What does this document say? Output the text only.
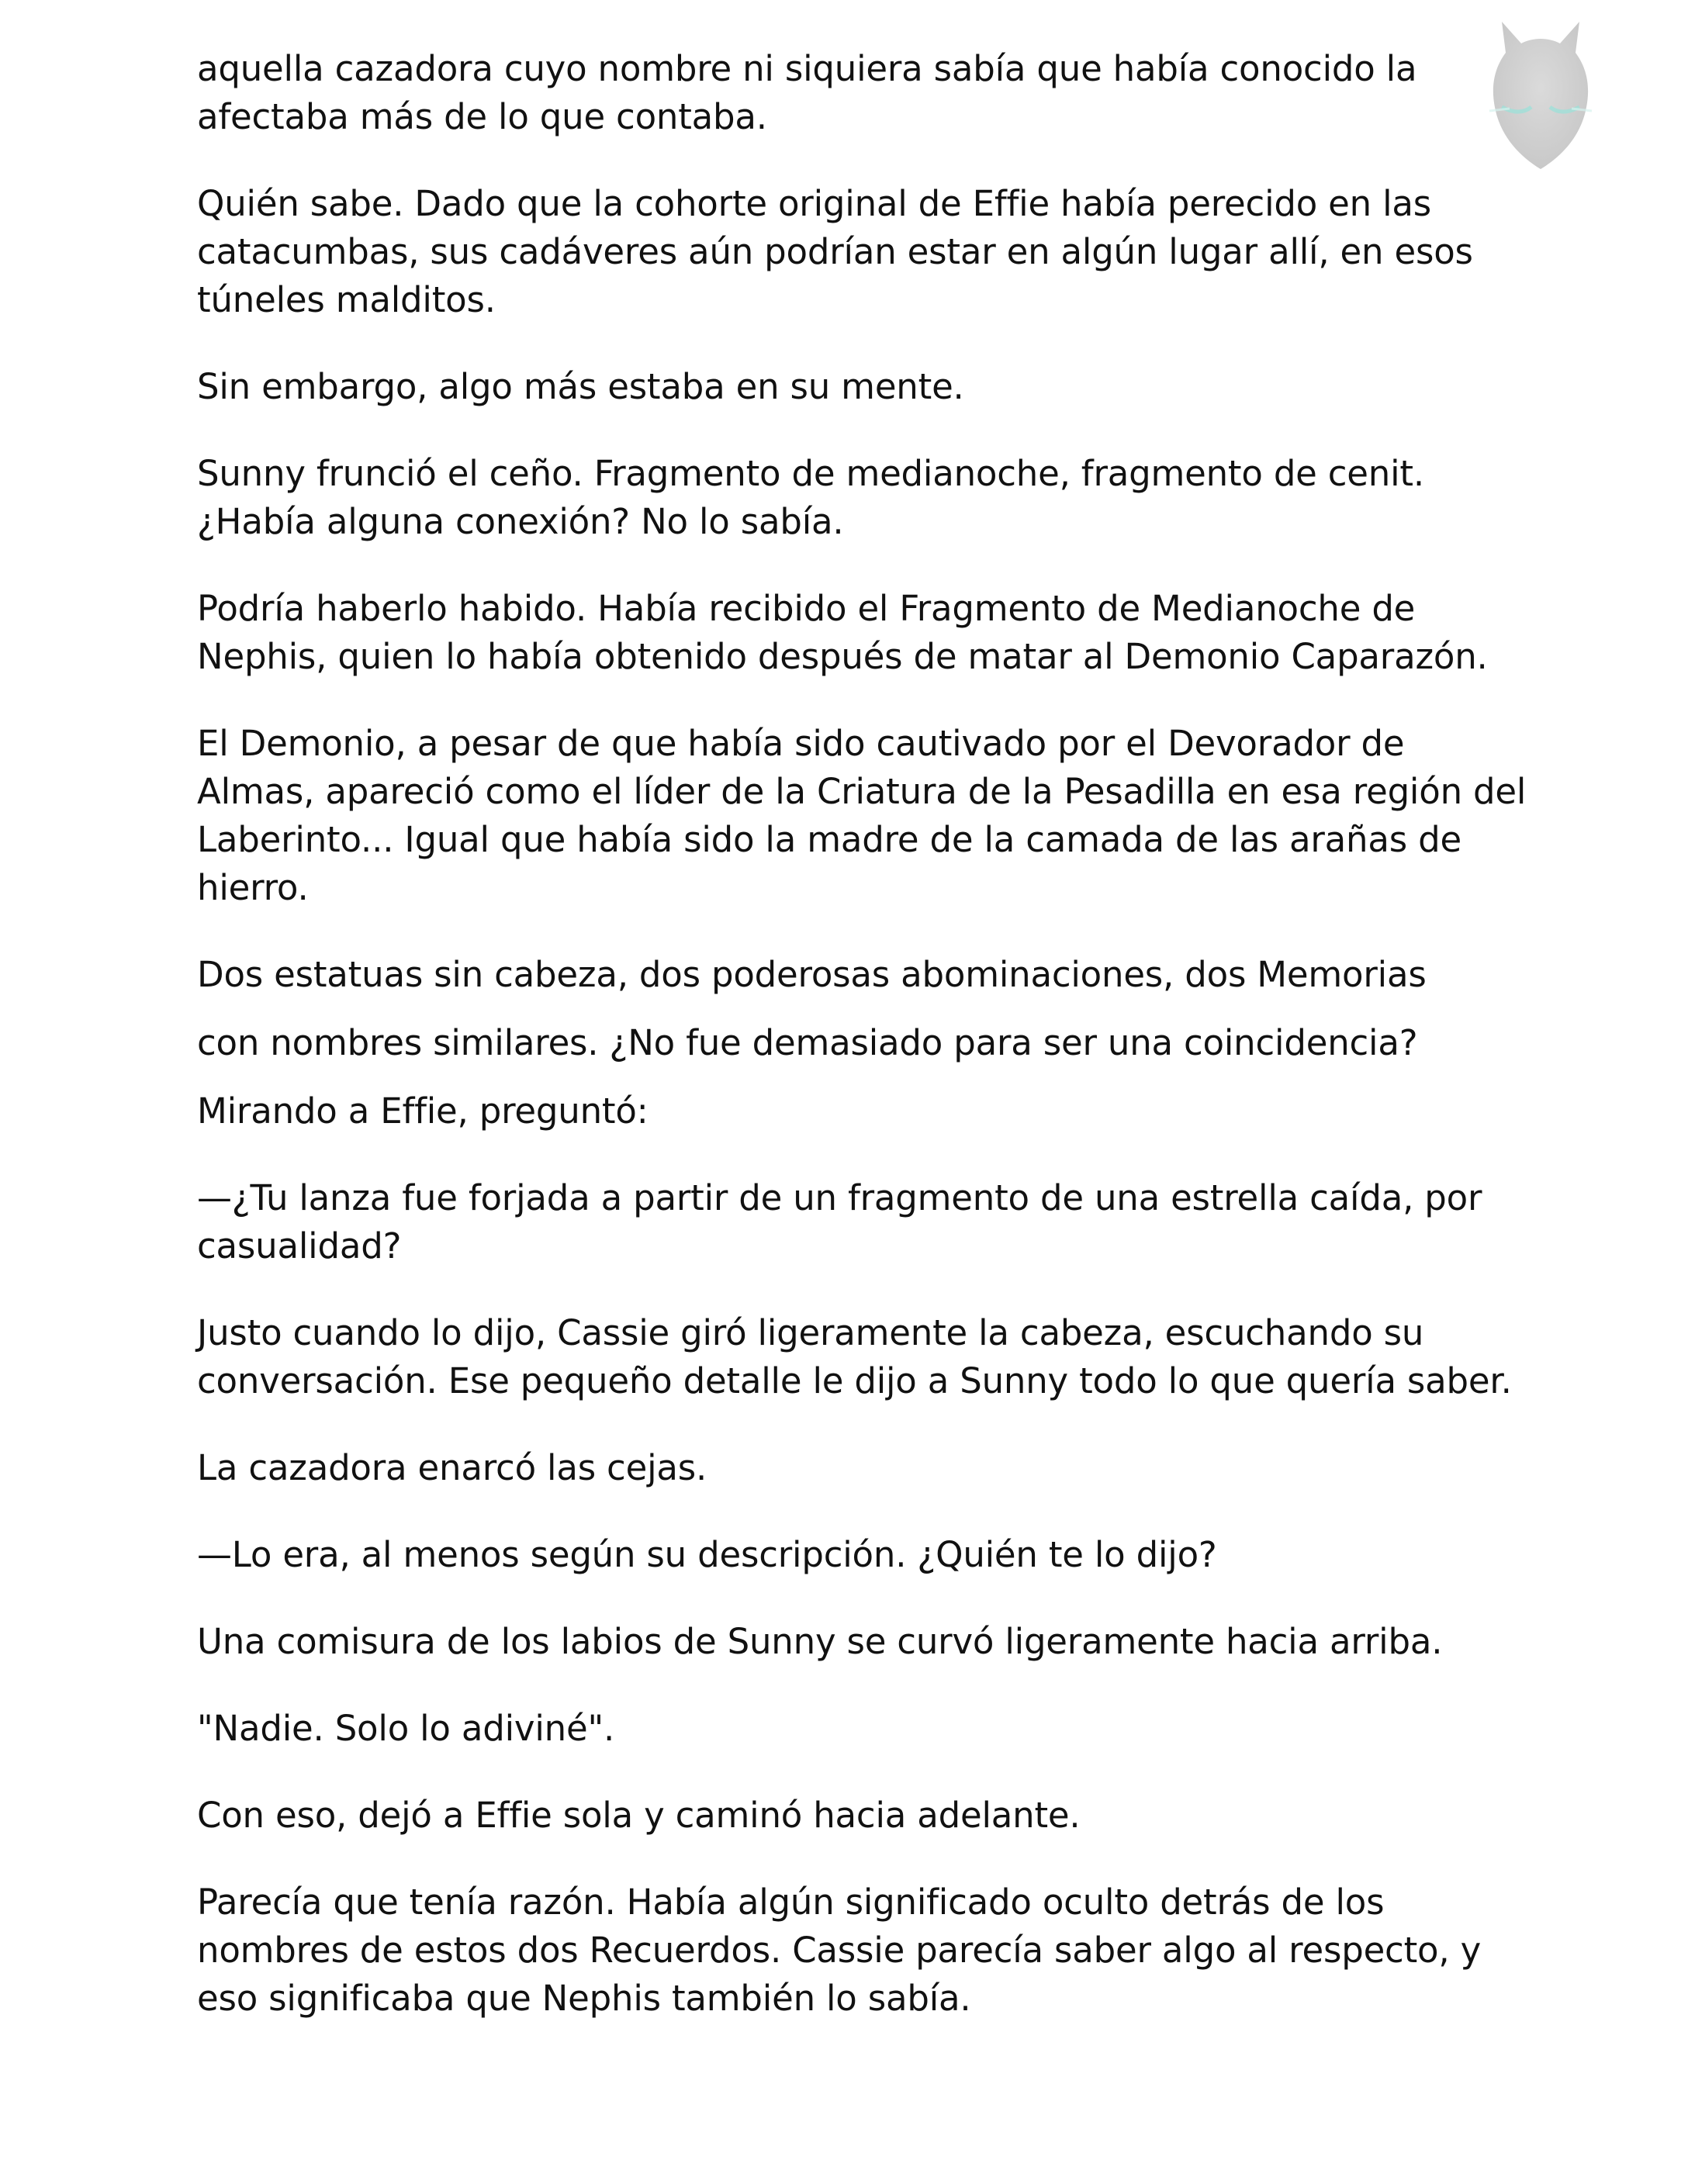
aquella cazadora cuyo nombre ni siquiera sabía que había conocido la afectaba más de lo que contaba.

Quién sabe. Dado que la cohorte original de Effie había perecido en las catacumbas, sus cadáveres aún podrían estar en algún lugar allí, en esos túneles malditos.

Sin embargo, algo más estaba en su mente.

Sunny frunció el ceño. Fragmento de medianoche, fragmento de cenit. ¿Había alguna conexión? No lo sabía.

Podría haberlo habido. Había recibido el Fragmento de Medianoche de Nephis, quien lo había obtenido después de matar al Demonio Caparazón.

El Demonio, a pesar de que había sido cautivado por el Devorador de Almas, apareció como el líder de la Criatura de la Pesadilla en esa región del Laberinto... Igual que había sido la madre de la camada de las arañas de hierro.

Dos estatuas sin cabeza, dos poderosas abominaciones, dos Memorias

con nombres similares. ¿No fue demasiado para ser una coincidencia?

Mirando a Effie, preguntó:

—¿Tu lanza fue forjada a partir de un fragmento de una estrella caída, por casualidad?

Justo cuando lo dijo, Cassie giró ligeramente la cabeza, escuchando su conversación. Ese pequeño detalle le dijo a Sunny todo lo que quería saber.

La cazadora enarcó las cejas.

—Lo era, al menos según su descripción. ¿Quién te lo dijo?

Una comisura de los labios de Sunny se curvó ligeramente hacia arriba.

"Nadie. Solo lo adiviné".

Con eso, dejó a Effie sola y caminó hacia adelante.

Parecía que tenía razón. Había algún significado oculto detrás de los nombres de estos dos Recuerdos. Cassie parecía saber algo al respecto, y eso significaba que Nephis también lo sabía.
